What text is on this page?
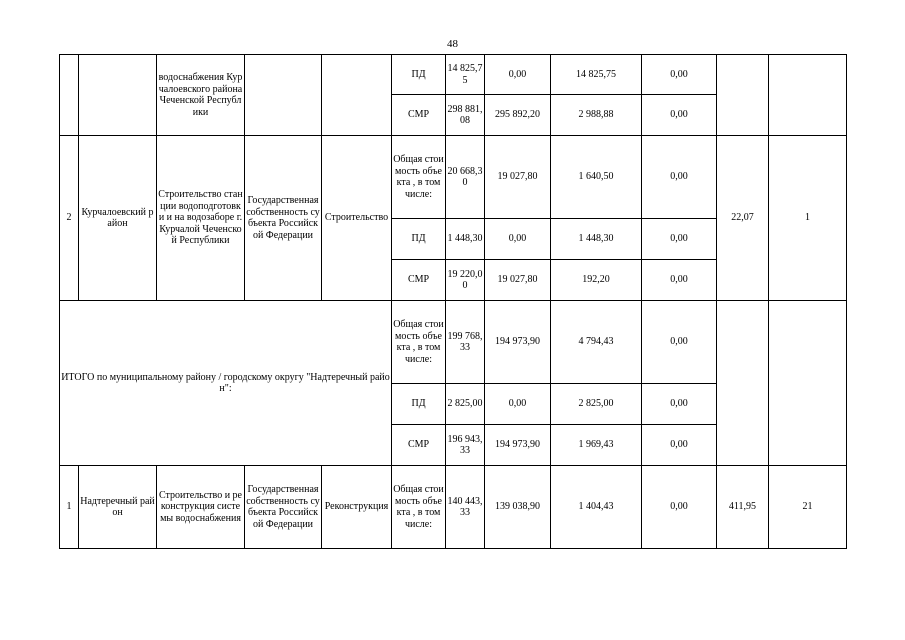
48
		водоснабжения Курчалоевского района Чеченской Республики			ПД	14 825,75	0,00	14 825,75	0,00		
					СМР	298 881,08	295 892,20	2 988,88	0,00		
2	Курчалоевский район	Строительство станции водоподготовки и на водозаборе г. Курчалой Чеченской Республики	Государственная собственность субъекта Российской Федерации	Строительство	Общая стоимость объекта , в том числе:	20 668,30	19 027,80	1 640,50	0,00	22,07	1
					ПД	1 448,30	0,00	1 448,30	0,00		
					СМР	19 220,00	19 027,80	192,20	0,00		
ИТОГО по муниципальному району / городскому округу "Надтеречный район":					Общая стоимость объекта , в том числе:	199 768,33	194 973,90	4 794,43	0,00		
					ПД	2 825,00	0,00	2 825,00	0,00		
					СМР	196 943,33	194 973,90	1 969,43	0,00		
1	Надтеречный район	Строительство и реконструкция системы водоснабжения	Государственная собственность субъекта Российской Федерации	Реконструкция	Общая стоимость объекта , в том числе:	140 443,33	139 038,90	1 404,43	0,00	411,95	21
